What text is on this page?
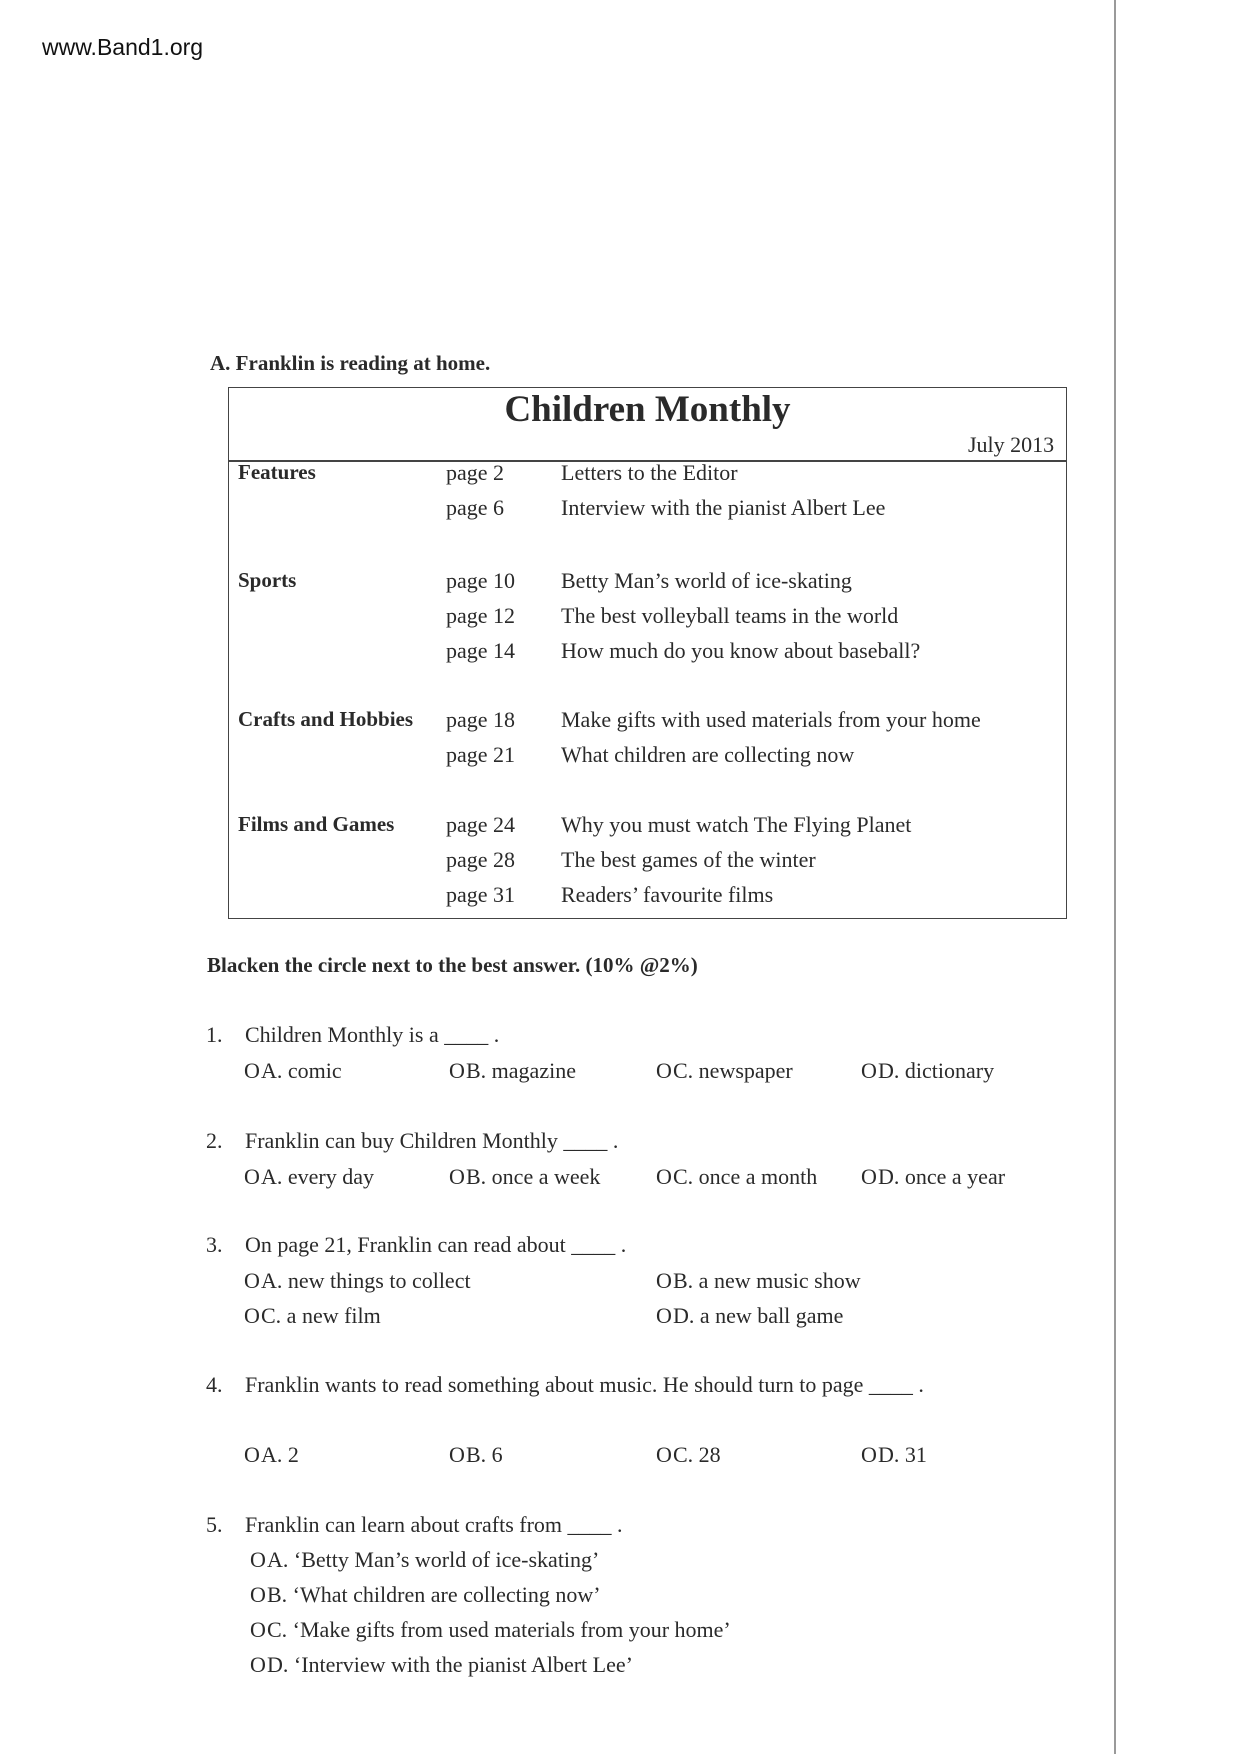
www.Band1.org
A. Franklin is reading at home.
Children Monthly
July 2013
Blacken the circle next to the best answer. (10% @2%)
Features	page 2	Letters to the Editor
page 6	Interview with the pianist Albert Lee
Sports	page 10 Betty Man’s world of ice-skating
page 12 The best volleyball teams in the world
page 14 How much do you know about baseball?
Crafts and Hobbies page 18 Make gifts with used materials from your home
page 21 What children are collecting now
Films and Games page 24 Why you must watch The Flying Planet
page 28 The best games of the winter
page 31 Readers’ favourite films
1. Children Monthly is a ____ .
O A. comic	O B. magazine	O C. newspaper	O D. dictionary
2. Franklin can buy Children Monthly ____ .
O A. every day	O B. once a week	O C. once a month O D. once a year
3. On page 21, Franklin can read about ____ .
O A. new things to collect	O B. a new music show
O C. a new film	O D. a new ball game
4. Franklin wants to read something about music. He should turn to page ____ .
O A. 2	O B. 6	O C. 28	O D. 31
5. Franklin can learn about crafts from ____ .
O A. ‘Betty Man’s world of ice-skating’
O B. ‘What children are collecting now’
O C. ‘Make gifts from used materials from your home’
O D. ‘Interview with the pianist Albert Lee’
